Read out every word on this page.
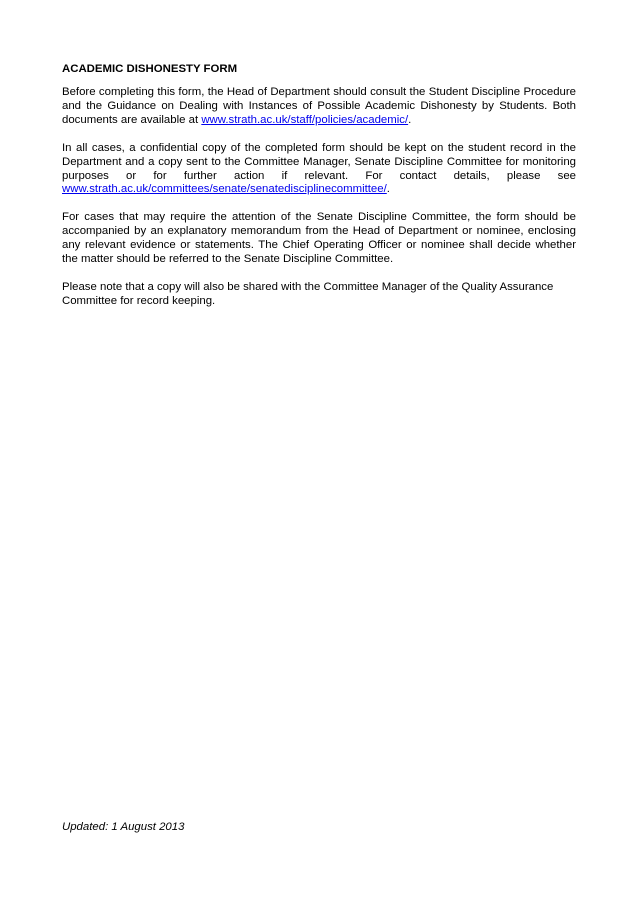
ACADEMIC DISHONESTY FORM

Before completing this form, the Head of Department should consult the Student Discipline Procedure and the Guidance on Dealing with Instances of Possible Academic Dishonesty by Students. Both documents are available at www.strath.ac.uk/staff/policies/academic/.

In all cases, a confidential copy of the completed form should be kept on the student record in the Department and a copy sent to the Committee Manager, Senate Discipline Committee for monitoring purposes or for further action if relevant. For contact details, please see www.strath.ac.uk/committees/senate/senatedisciplinecommittee/.

For cases that may require the attention of the Senate Discipline Committee, the form should be accompanied by an explanatory memorandum from the Head of Department or nominee, enclosing any relevant evidence or statements. The Chief Operating Officer or nominee shall decide whether the matter should be referred to the Senate Discipline Committee.

Please note that a copy will also be shared with the Committee Manager of the Quality Assurance Committee for record keeping.

Updated: 1 August 2013
